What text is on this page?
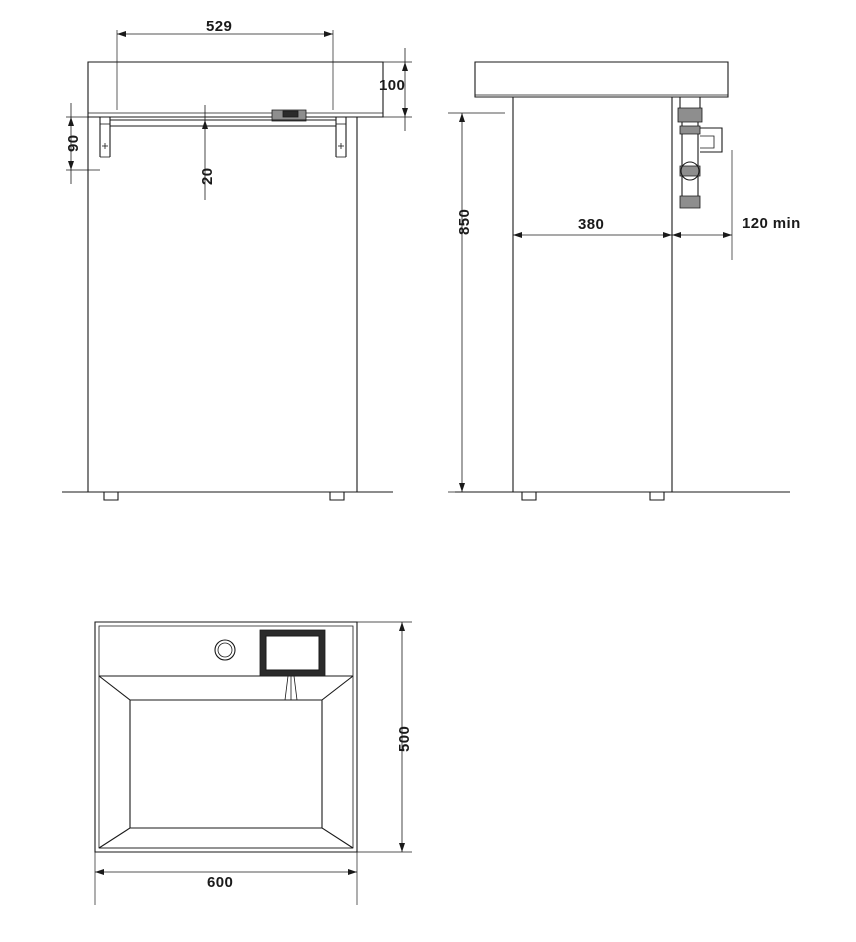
529
100
90
20
850	380	120 min
500
600
